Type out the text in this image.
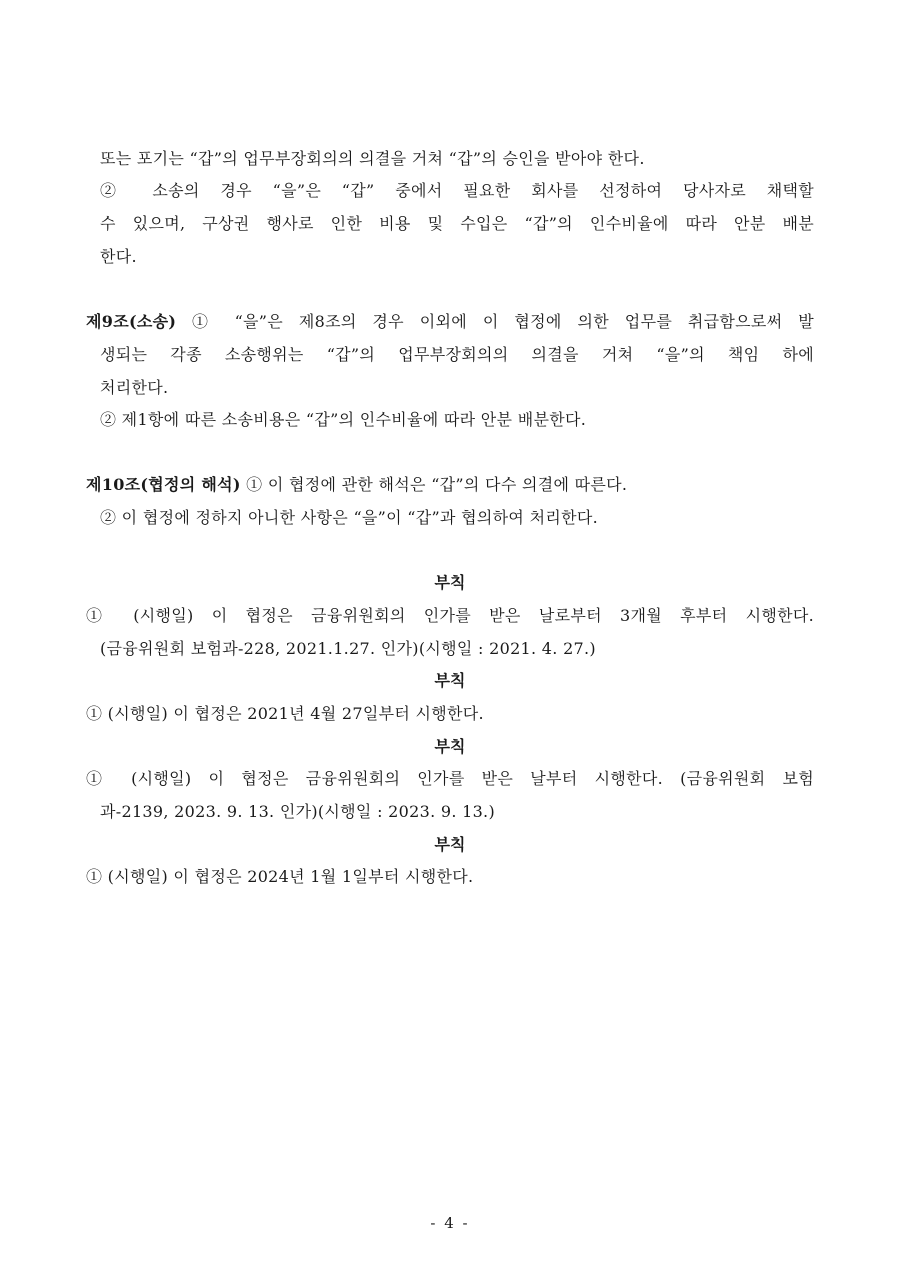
또는 포기는 “갑”의 업무부장회의의 의결을 거쳐 “갑”의 승인을 받아야 한다.
② 소송의 경우 “을”은 “갑” 중에서 필요한 회사를 선정하여 당사자로 채택할
수 있으며, 구상권 행사로 인한 비용 및 수입은 “갑”의 인수비율에 따라 안분 배분
한다.
제9조(소송) ① “을”은 제8조의 경우 이외에 이 협정에 의한 업무를 취급함으로써 발
생되는 각종 소송행위는 “갑”의 업무부장회의의 의결을 거쳐 “을”의 책임 하에
처리한다.
② 제1항에 따른 소송비용은 “갑”의 인수비율에 따라 안분 배분한다.
제10조(협정의 해석) ① 이 협정에 관한 해석은 “갑”의 다수 의결에 따른다.
② 이 협정에 정하지 아니한 사항은 “을”이 “갑”과 협의하여 처리한다.
부칙
① (시행일) 이 협정은 금융위원회의 인가를 받은 날로부터 3개월 후부터 시행한다.
(금융위원회 보험과-228, 2021.1.27. 인가)(시행일 : 2021. 4. 27.)
부칙
① (시행일) 이 협정은 2021년 4월 27일부터 시행한다.
부칙
① (시행일) 이 협정은 금융위원회의 인가를 받은 날부터 시행한다. (금융위원회 보험
과-2139, 2023. 9. 13. 인가)(시행일 : 2023. 9. 13.)
부칙
① (시행일) 이 협정은 2024년 1월 1일부터 시행한다.
- 4 -
